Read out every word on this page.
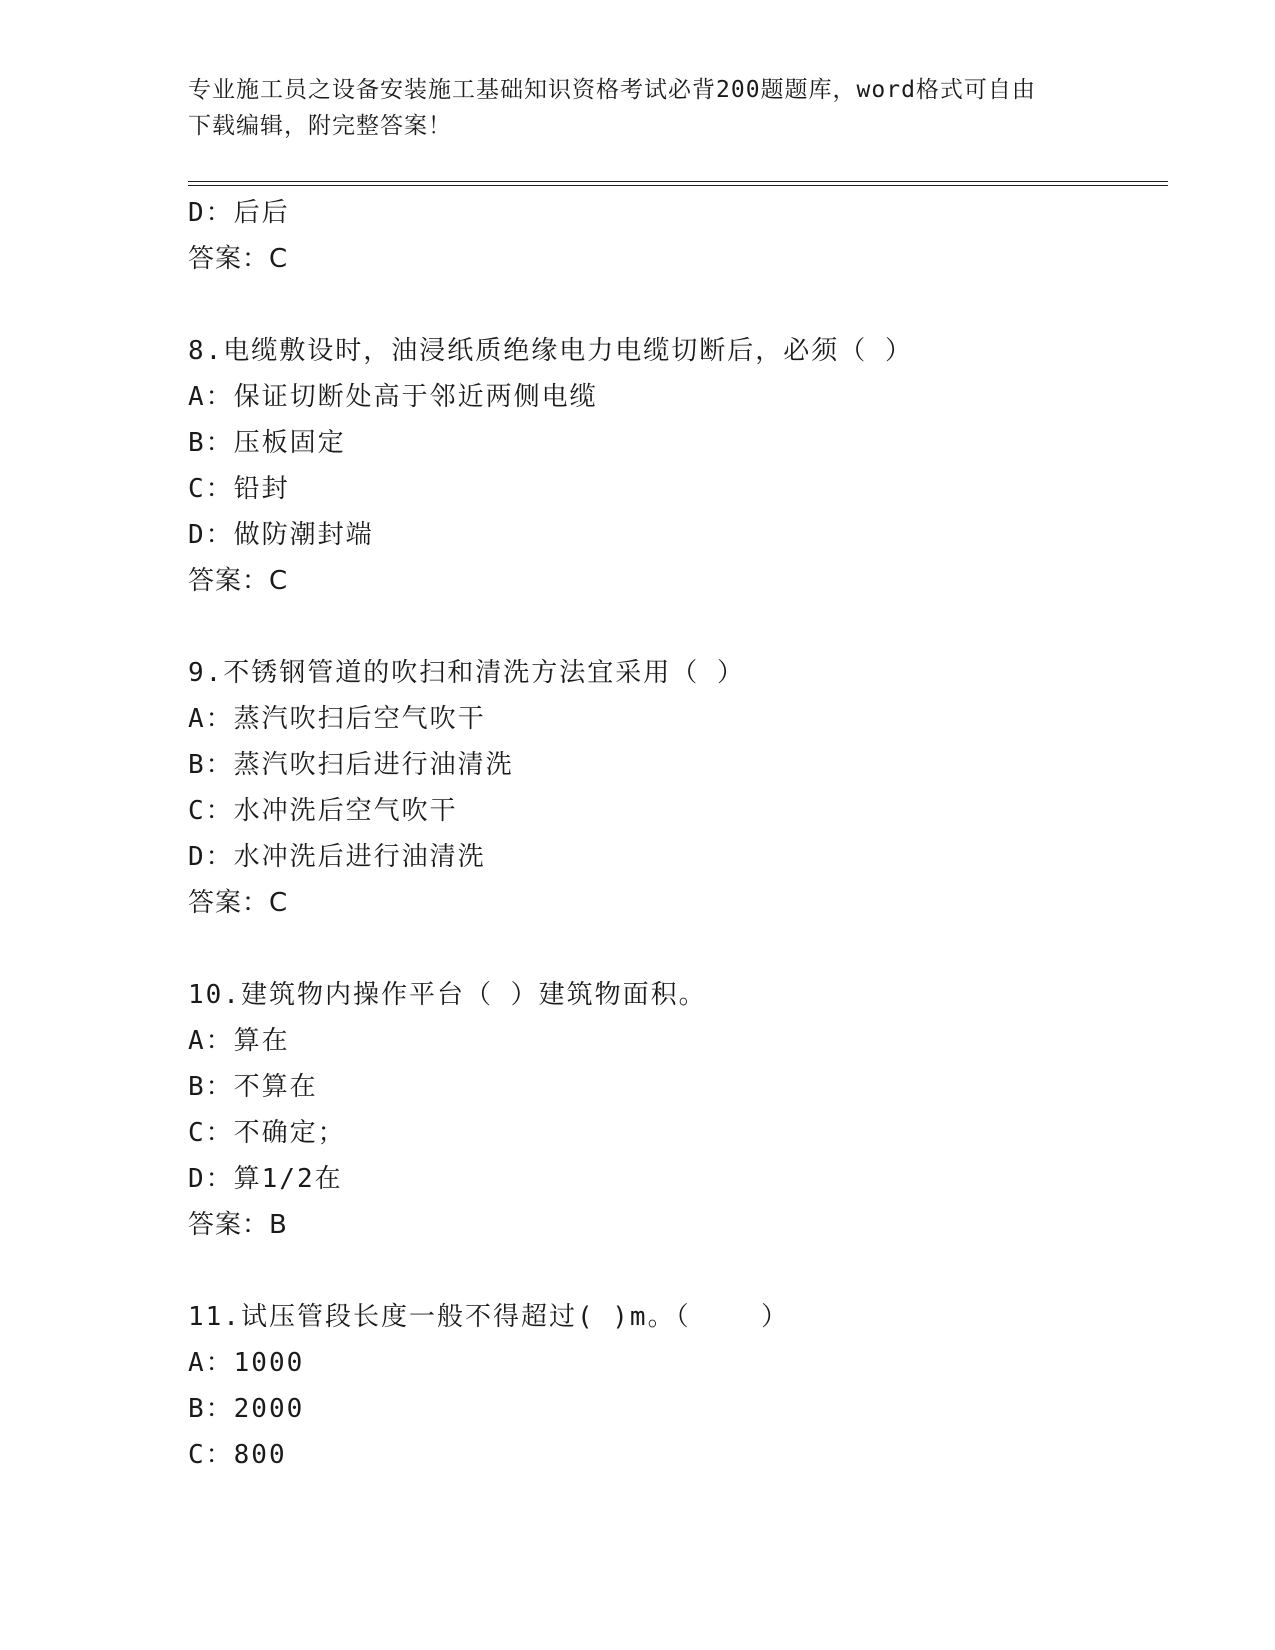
专业施工员之设备安装施工基础知识资格考试必背200题题库，word格式可自由
下载编辑，附完整答案！
D：后后
答案：C
8.电缆敷设时，油浸纸质绝缘电力电缆切断后，必须（ ）
A：保证切断处高于邻近两侧电缆
B：压板固定
C：铅封
D：做防潮封端
答案：C
9.不锈钢管道的吹扫和清洗方法宜采用（ ）
A：蒸汽吹扫后空气吹干
B：蒸汽吹扫后进行油清洗
C：水冲洗后空气吹干
D：水冲洗后进行油清洗
答案：C
10.建筑物内操作平台（ ）建筑物面积。
A：算在
B：不算在
C：不确定；
D：算1/2在
答案：B
11.试压管段长度一般不得超过( )m。（    ）
A：1000
B：2000
C：800
